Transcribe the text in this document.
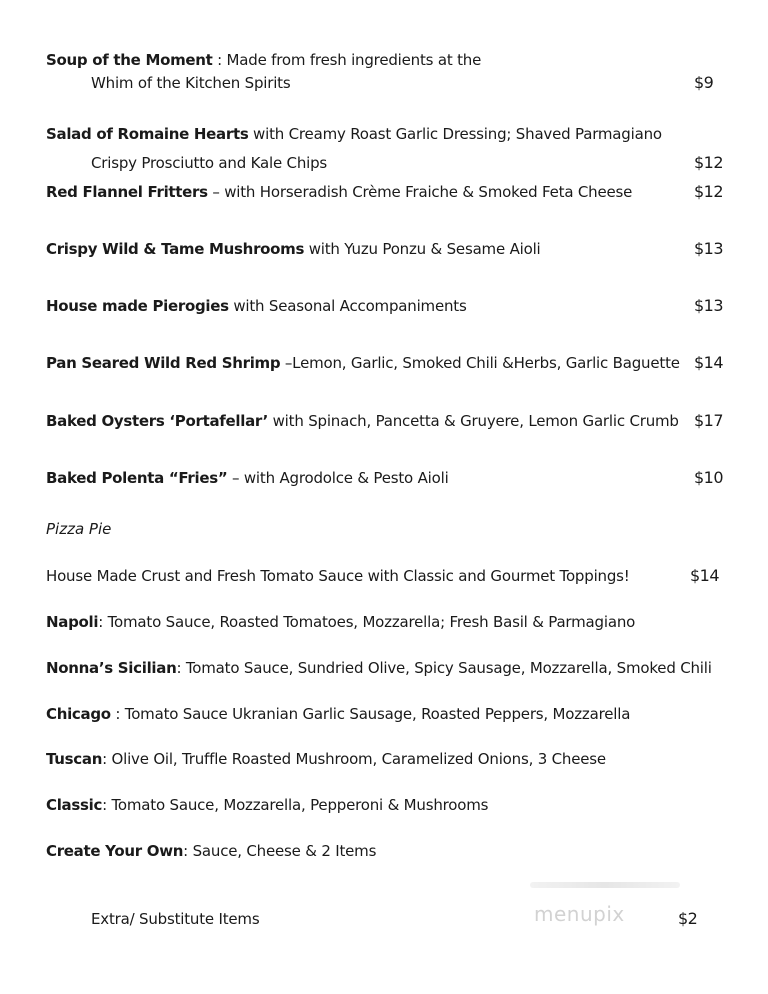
Soup of the Moment : Made from fresh ingredients at the
Whim of the Kitchen Spirits	$9
Salad of Romaine Hearts with Creamy Roast Garlic Dressing; Shaved Parmagiano
Crispy Prosciutto and Kale Chips	$12
Red Flannel Fritters – with Horseradish Crème Fraiche & Smoked Feta Cheese	$12
Crispy Wild & Tame Mushrooms with Yuzu Ponzu & Sesame Aioli	$13
House made Pierogies with Seasonal Accompaniments	$13
Pan Seared Wild Red Shrimp –Lemon, Garlic, Smoked Chili &Herbs, Garlic Baguette $14
Baked Oysters ‘Portafellar’ with Spinach, Pancetta & Gruyere, Lemon Garlic Crumb $17
Baked Polenta “Fries” – with Agrodolce & Pesto Aioli	$10
Pizza Pie
House Made Crust and Fresh Tomato Sauce with Classic and Gourmet Toppings!	$14
Napoli: Tomato Sauce, Roasted Tomatoes, Mozzarella; Fresh Basil & Parmagiano
Nonna’s Sicilian: Tomato Sauce, Sundried Olive, Spicy Sausage, Mozzarella, Smoked Chili
Chicago : Tomato Sauce Ukranian Garlic Sausage, Roasted Peppers, Mozzarella
Tuscan: Olive Oil, Truffle Roasted Mushroom, Caramelized Onions, 3 Cheese
Classic: Tomato Sauce, Mozzarella, Pepperoni & Mushrooms
Create Your Own: Sauce, Cheese & 2 Items
Extra/ Substitute Items	$2
menupix
